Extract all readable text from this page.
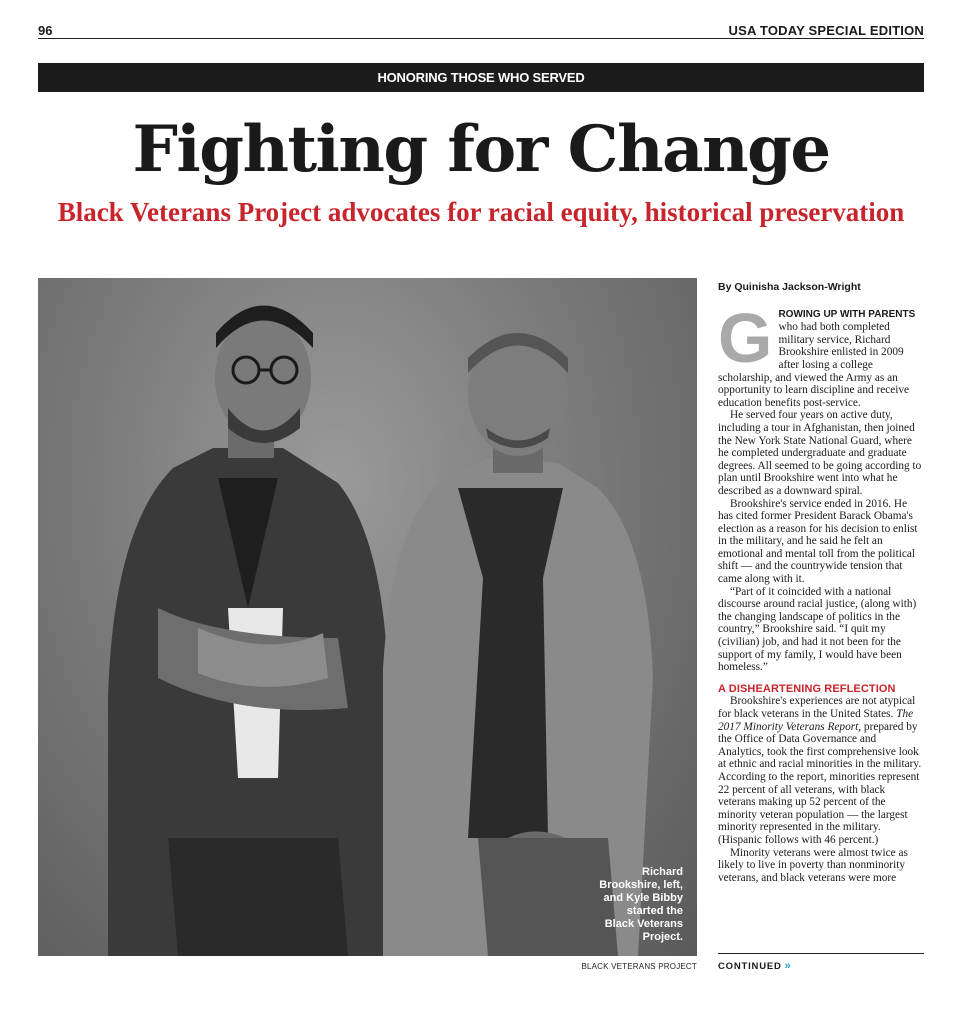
96	USA TODAY SPECIAL EDITION
HONORING THOSE WHO SERVED
Fighting for Change
Black Veterans Project advocates for racial equity, historical preservation
Richard
Brookshire, left,
and Kyle Bibby
started the
Black Veterans
Project.
BLACK VETERANS PROJECT
By Quinisha Jackson-Wright

GROWING UP WITH PARENTS who had both completed military service, Richard Brookshire enlisted in 2009 after losing a college scholarship, and viewed the Army as an opportunity to learn discipline and receive education benefits post-service.

He served four years on active duty, including a tour in Afghanistan, then joined the New York State National Guard, where he completed undergraduate and graduate degrees. All seemed to be going according to plan until Brookshire went into what he described as a downward spiral.

Brookshire's service ended in 2016. He has cited former President Barack Obama's election as a reason for his decision to enlist in the military, and he said he felt an emotional and mental toll from the political shift — and the countrywide tension that came along with it.

“Part of it coincided with a national discourse around racial justice, (along with) the changing landscape of politics in the country,” Brookshire said. “I quit my (civilian) job, and had it not been for the support of my family, I would have been homeless.”

A DISHEARTENING REFLECTION

Brookshire's experiences are not atypical for black veterans in the United States. The 2017 Minority Veterans Report, prepared by the Office of Data Governance and Analytics, took the first comprehensive look at ethnic and racial minorities in the military. According to the report, minorities represent 22 percent of all veterans, with black veterans making up 52 percent of the minority veteran population — the largest minority represented in the military. (Hispanic follows with 46 percent.)

Minority veterans were almost twice as likely to live in poverty than nonminority veterans, and black veterans were more

CONTINUED »
